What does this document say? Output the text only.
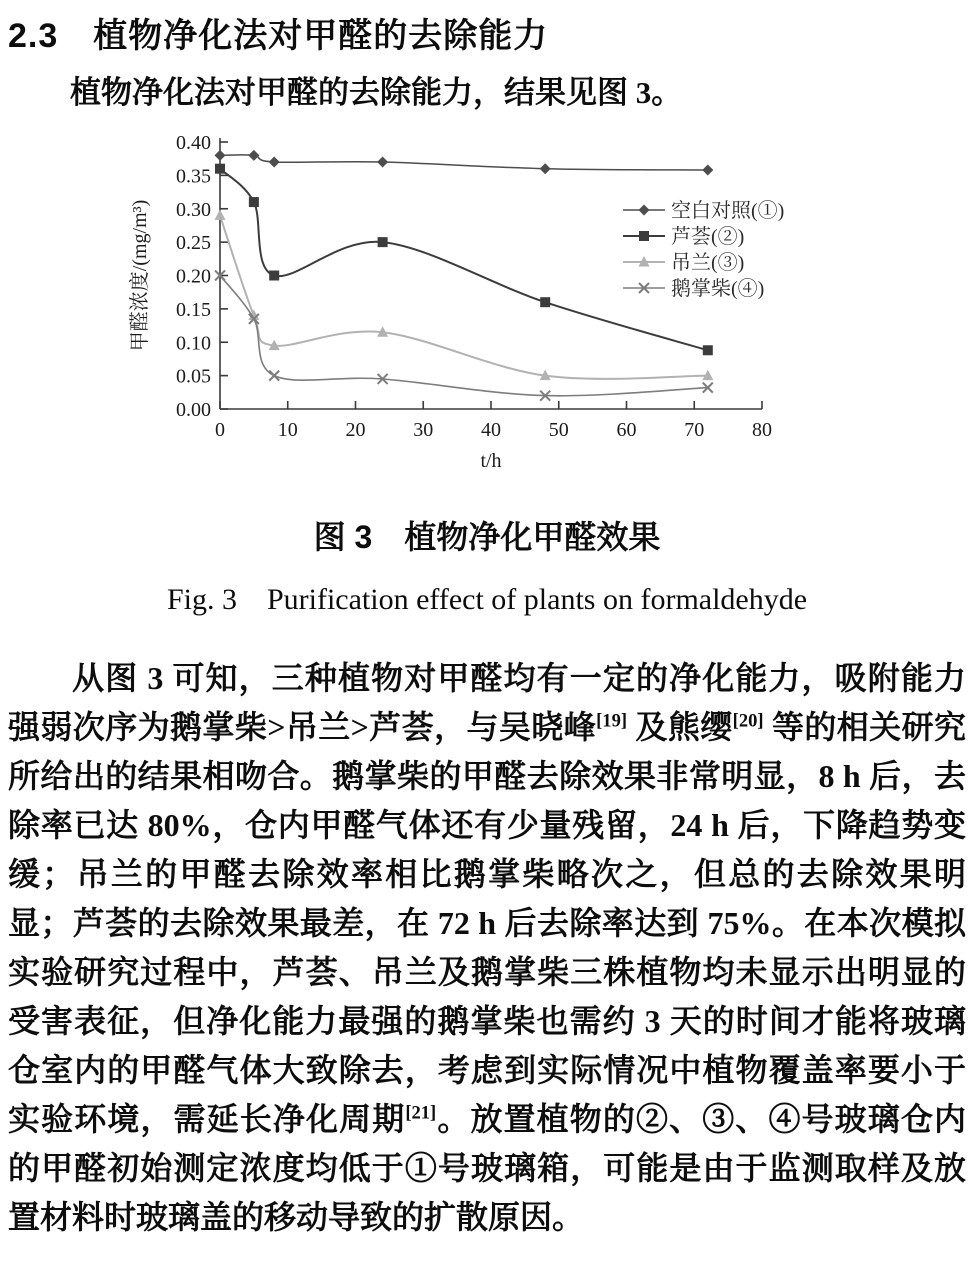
2.3　植物净化法对甲醛的去除能力

植物净化法对甲醛的去除能力，结果见图 3。

0.00
0.05
0.10
0.15
0.20
0.25
0.30
0.35
0.40
0	10 20 30 40 50 60 70 80
t/h
甲醛浓度/(mg/m³)	空白对照(①)
芦荟(②)
吊兰(③)
鹅掌柴(④)
图 3　植物净化甲醛效果
Fig. 3　Purification effect of plants on formaldehyde

从图 3 可知，三种植物对甲醛均有一定的净化能力，吸附能力强弱次序为鹅掌柴>吊兰>芦荟，与吴晓峰[19] 及熊缨[20] 等的相关研究所给出的结果相吻合。鹅掌柴的甲醛去除效果非常明显，8 h 后，去除率已达 80%，仓内甲醛气体还有少量残留，24 h 后，下降趋势变缓；吊兰的甲醛去除效率相比鹅掌柴略次之，但总的去除效果明显；芦荟的去除效果最差，在 72 h 后去除率达到 75%。在本次模拟实验研究过程中，芦荟、吊兰及鹅掌柴三株植物均未显示出明显的受害表征，但净化能力最强的鹅掌柴也需约 3 天的时间才能将玻璃仓室内的甲醛气体大致除去，考虑到实际情况中植物覆盖率要小于实验环境，需延长净化周期[21]。放置植物的②、③、④号玻璃仓内的甲醛初始测定浓度均低于①号玻璃箱，可能是由于监测取样及放置材料时玻璃盖的移动导致的扩散原因。
